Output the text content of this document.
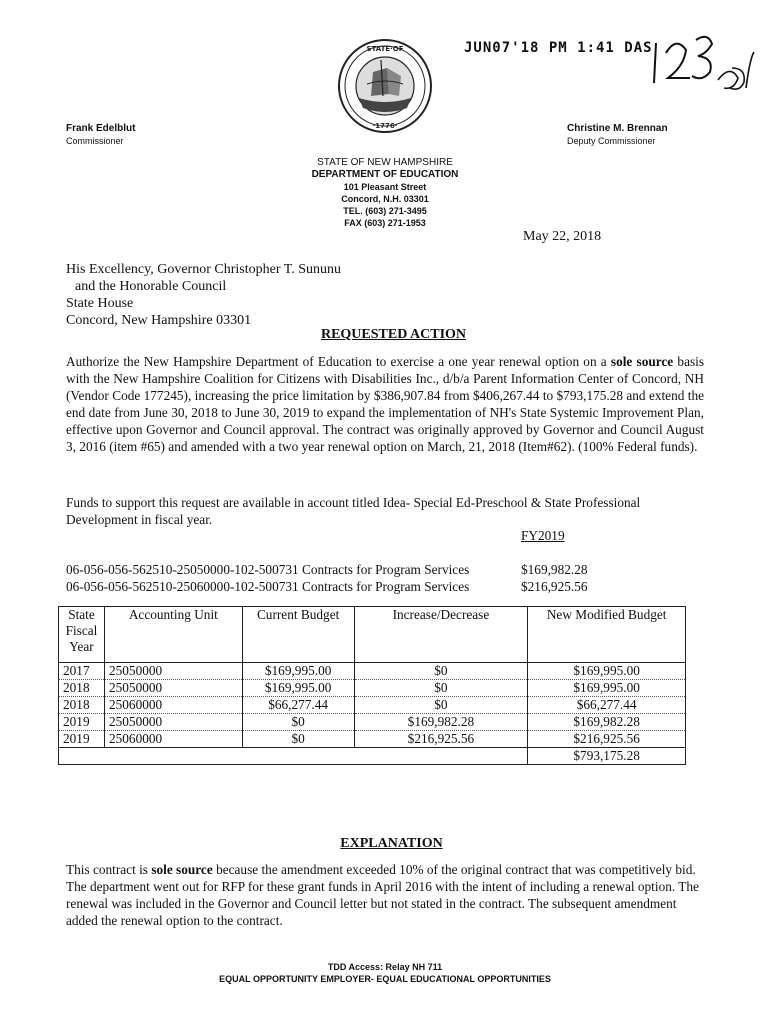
JUN07'18 PM 1:41 DAS
STATE·OF
·1776·
Frank Edelblut
Commissioner
Christine M. Brennan
Deputy Commissioner
STATE OF NEW HAMPSHIRE
DEPARTMENT OF EDUCATION
101 Pleasant Street
Concord, N.H. 03301
TEL. (603) 271-3495
FAX (603) 271-1953
May 22, 2018
His Excellency, Governor Christopher T. Sununu
and the Honorable Council
State House
Concord, New Hampshire 03301
REQUESTED ACTION
Authorize the New Hampshire Department of Education to exercise a one year renewal option on a sole source basis with the New Hampshire Coalition for Citizens with Disabilities Inc., d/b/a Parent Information Center of Concord, NH (Vendor Code 177245), increasing the price limitation by $386,907.84 from $406,267.44 to $793,175.28 and extend the end date from June 30, 2018 to June 30, 2019 to expand the implementation of NH's State Systemic Improvement Plan, effective upon Governor and Council approval. The contract was originally approved by Governor and Council August 3, 2016 (item #65) and amended with a two year renewal option on March, 21, 2018 (Item#62). (100% Federal funds).
Funds to support this request are available in account titled Idea- Special Ed-Preschool & State Professional Development in fiscal year.
FY2019
06-056-056-562510-25050000-102-500731 Contracts for Program Services	$169,982.28
06-056-056-562510-25060000-102-500731 Contracts for Program Services	$216,925.56
State Fiscal Year	Accounting Unit	Current Budget	Increase/Decrease	New Modified Budget
2017	25050000	$169,995.00	$0	$169,995.00
2018	25050000	$169,995.00	$0	$169,995.00
2018	25060000	$66,277.44	$0	$66,277.44
2019	25050000	$0	$169,982.28	$169,982.28
2019	25060000	$0	$216,925.56	$216,925.56
				$793,175.28
EXPLANATION
This contract is sole source because the amendment exceeded 10% of the original contract that was competitively bid. The department went out for RFP for these grant funds in April 2016 with the intent of including a renewal option. The renewal was included in the Governor and Council letter but not stated in the contract. The subsequent amendment added the renewal option to the contract.
TDD Access: Relay NH 711
EQUAL OPPORTUNITY EMPLOYER- EQUAL EDUCATIONAL OPPORTUNITIES
